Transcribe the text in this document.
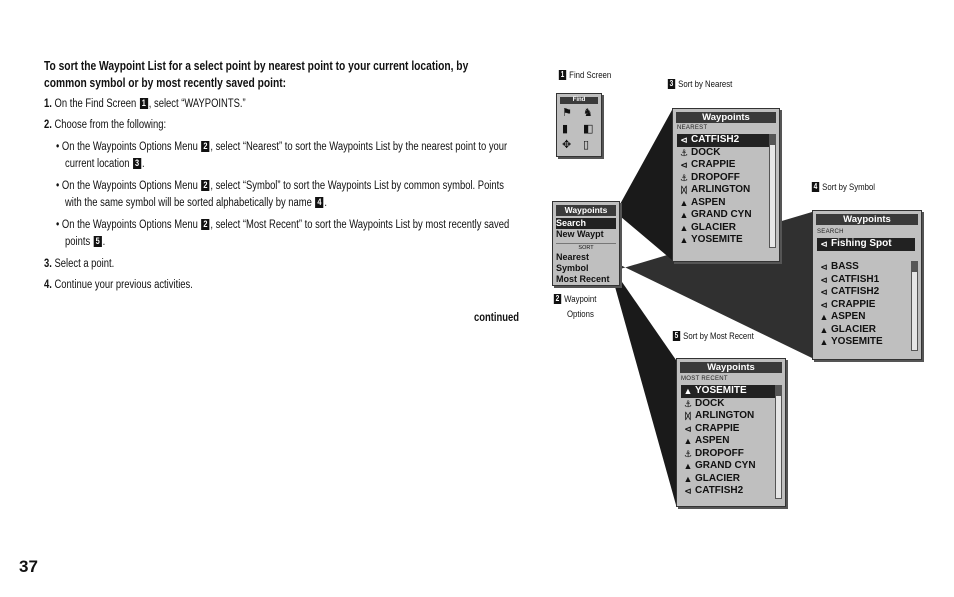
To sort the Waypoint List for a select point by nearest point to your current location, by
common symbol or by most recently saved point:
1. On the Find Screen 1 , select “WAYPOINTS.”
2. Choose from the following:
• On the Waypoints Options Menu 2 , select “Nearest” to sort the Waypoints List by the nearest point to your
current location 3 .
• On the Waypoints Options Menu 2 , select “Symbol” to sort the Waypoints List by common symbol. Points
with the same symbol will be sorted alphabetically by name 4 .
• On the Waypoints Options Menu 2 , select “Most Recent” to sort the Waypoints List by most recently saved
points 5 .
3. Select a point.
4. Continue your previous activities.
continued
37
1 Find Screen
2 Waypoint
Options
3 Sort by Nearest
4 Sort by Symbol
5 Sort by Most Recent
Find
⚑ ♞
▮ ◧
✥ ▯
Waypoints
Search
New Waypt
SORT
Nearest
Symbol
Most Recent
Waypoints
NEAREST
⊲ CATFISH2
⚓ DOCK
⊲ CRAPPIE
⚓ DROPOFF
ᛞ ARLINGTON
▲ ASPEN
▲ GRAND CYN
▲ GLACIER
▲ YOSEMITE
Waypoints
SEARCH
⊲ Fishing Spot
⊲ BASS
⊲ CATFISH1
⊲ CATFISH2
⊲ CRAPPIE
▲ ASPEN
▲ GLACIER
▲ YOSEMITE
Waypoints
MOST RECENT
▲ YOSEMITE
⚓ DOCK
ᛞ ARLINGTON
⊲ CRAPPIE
▲ ASPEN
⚓ DROPOFF
▲ GRAND CYN
▲ GLACIER
⊲ CATFISH2
